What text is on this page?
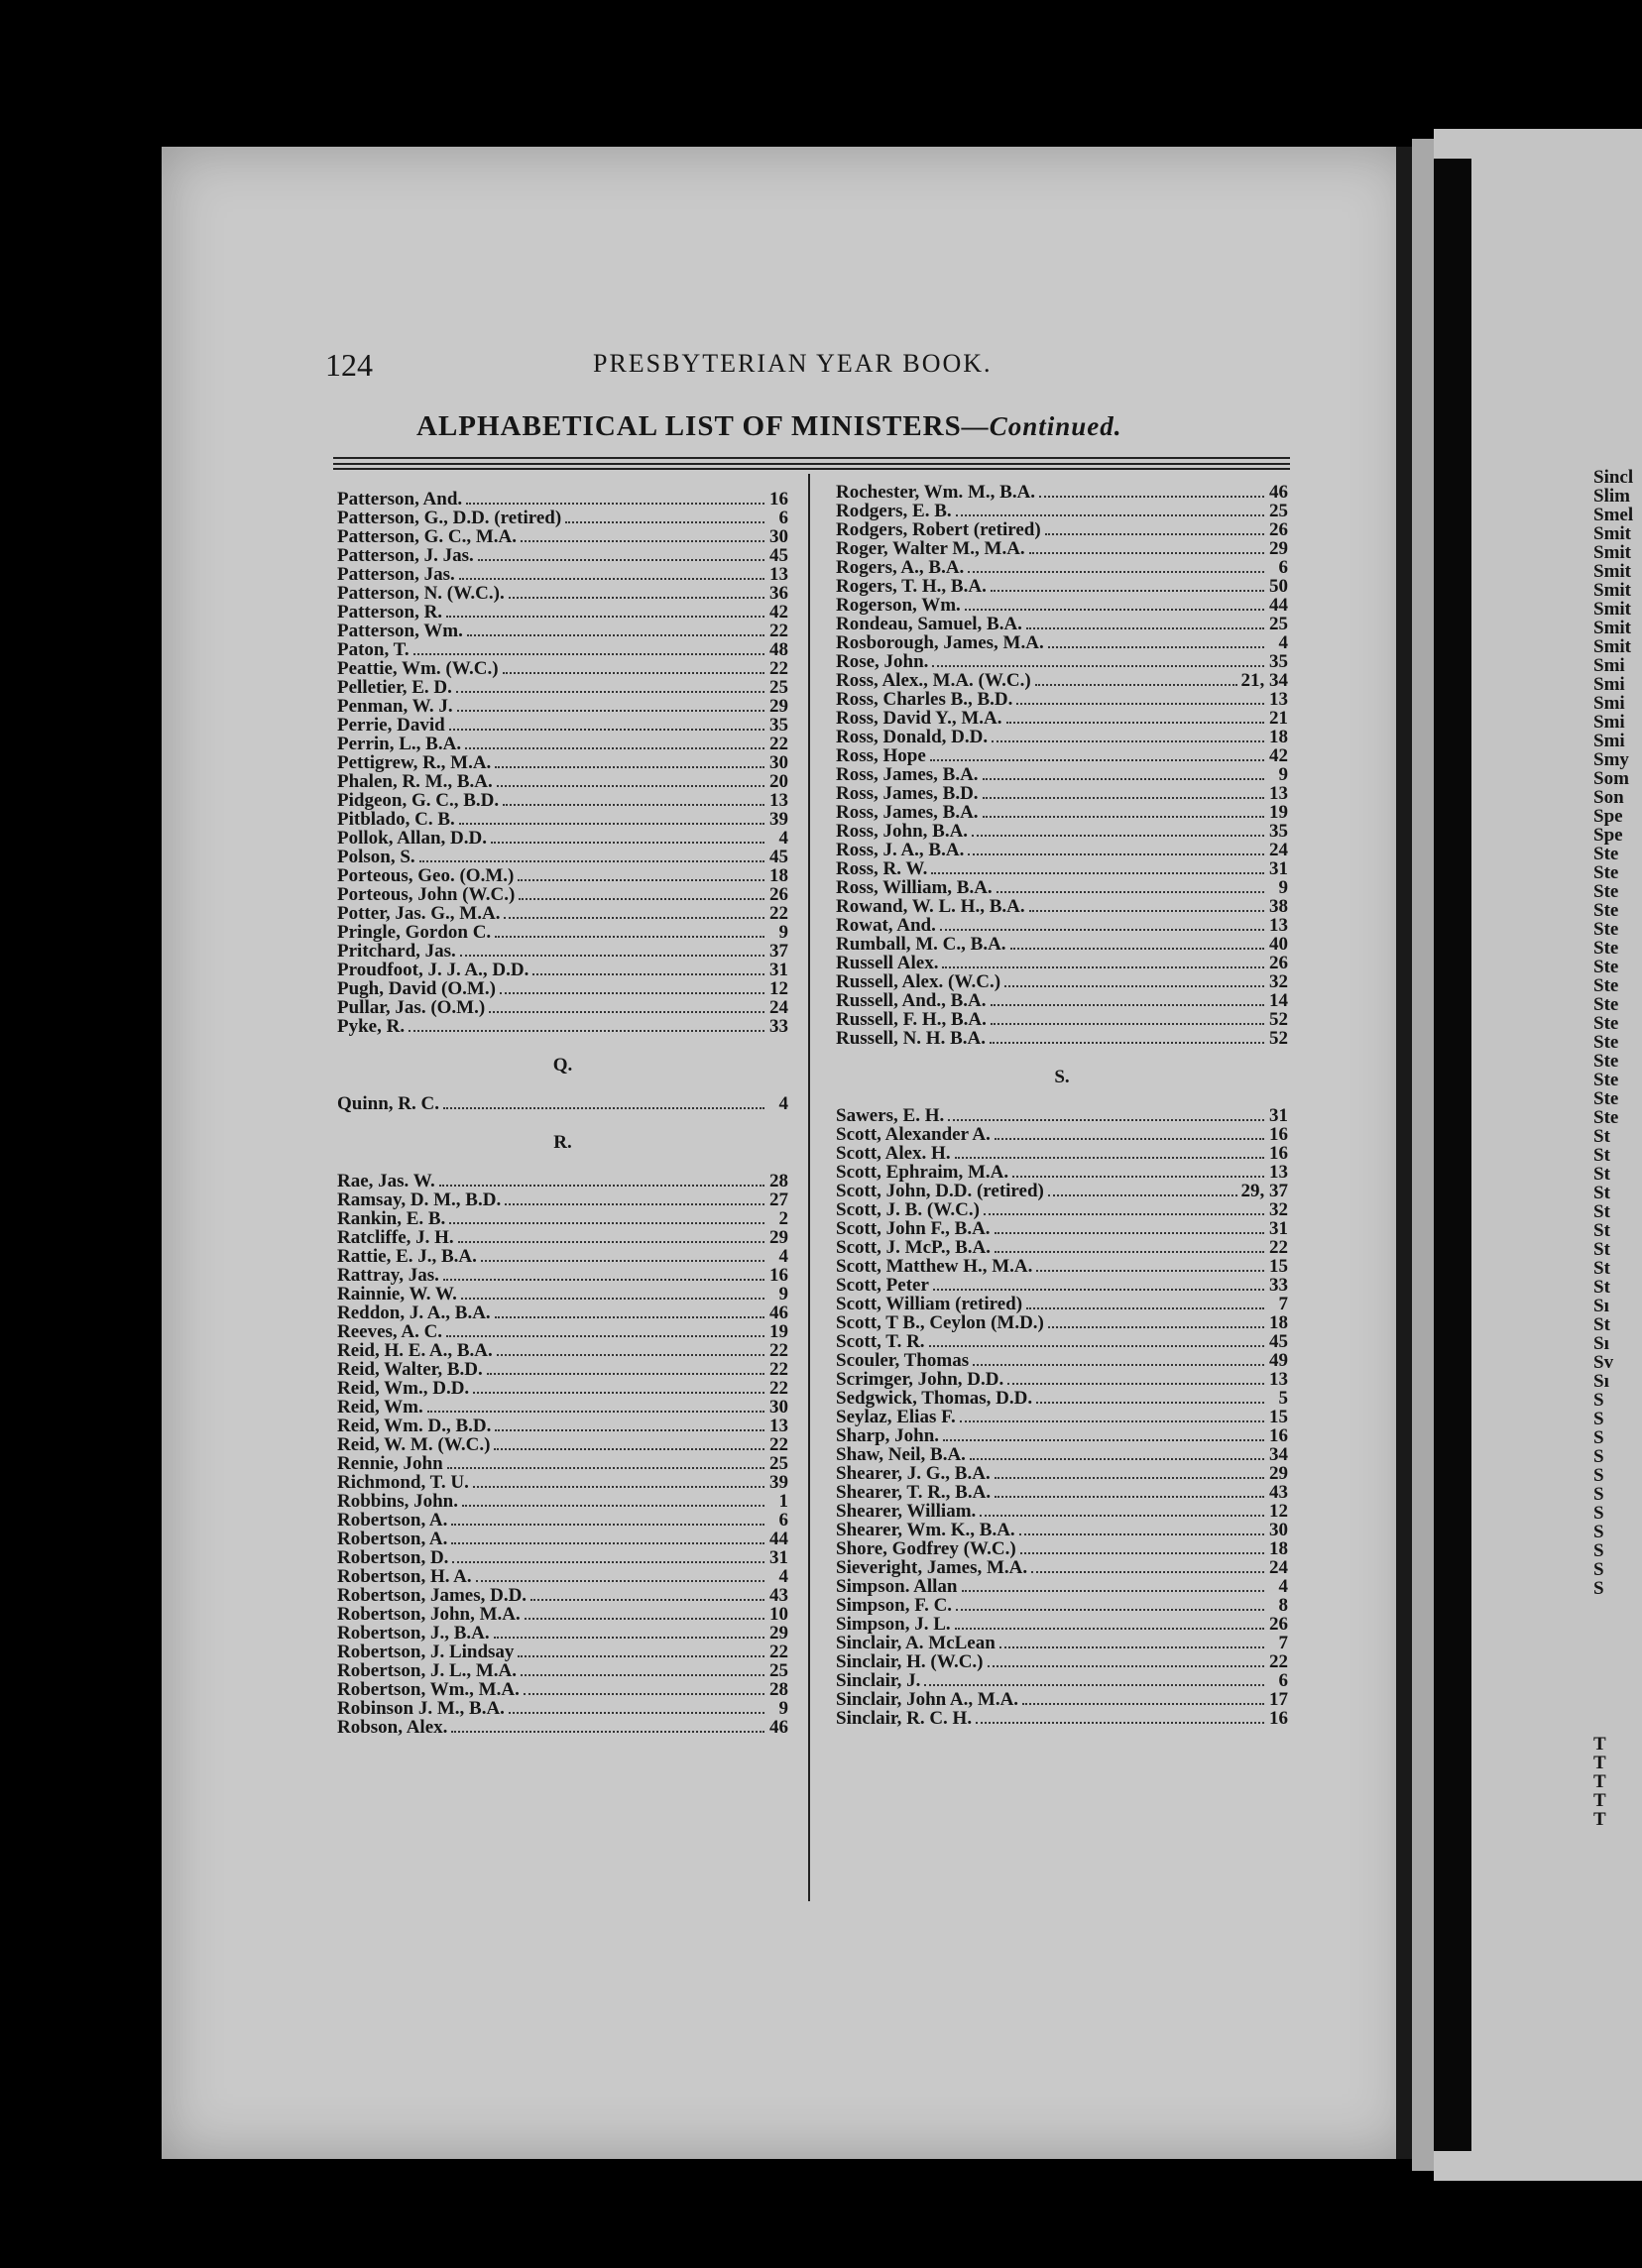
124	PRESBYTERIAN YEAR BOOK.
ALPHABETICAL LIST OF MINISTERS—Continued.
Patterson, And.	16
Patterson, G., D.D. (retired)	6
Patterson, G. C., M.A.	30
Patterson, J. Jas.	45
Patterson, Jas.	13
Patterson, N. (W.C.).	36
Patterson, R.	42
Patterson, Wm.	22
Paton, T.	48
Peattie, Wm. (W.C.)	22
Pelletier, E. D.	25
Penman, W. J.	29
Perrie, David	35
Perrin, L., B.A.	22
Pettigrew, R., M.A.	30
Phalen, R. M., B.A.	20
Pidgeon, G. C., B.D.	13
Pitblado, C. B.	39
Pollok, Allan, D.D.	4
Polson, S.	45
Porteous, Geo. (O.M.)	18
Porteous, John (W.C.)	26
Potter, Jas. G., M.A.	22
Pringle, Gordon C.	9
Pritchard, Jas.	37
Proudfoot, J. J. A., D.D.	31
Pugh, David (O.M.)	12
Pullar, Jas. (O.M.)	24
Pyke, R.	33
Q.
Quinn, R. C.	4
R.
Rae, Jas. W.	28
Ramsay, D. M., B.D.	27
Rankin, E. B.	2
Ratcliffe, J. H.	29
Rattie, E. J., B.A.	4
Rattray, Jas.	16
Rainnie, W. W.	9
Reddon, J. A., B.A.	46
Reeves, A. C.	19
Reid, H. E. A., B.A.	22
Reid, Walter, B.D.	22
Reid, Wm., D.D.	22
Reid, Wm.	30
Reid, Wm. D., B.D.	13
Reid, W. M. (W.C.)	22
Rennie, John	25
Richmond, T. U.	39
Robbins, John.	1
Robertson, A.	6
Robertson, A.	44
Robertson, D.	31
Robertson, H. A.	4
Robertson, James, D.D.	43
Robertson, John, M.A.	10
Robertson, J., B.A.	29
Robertson, J. Lindsay	22
Robertson, J. L., M.A.	25
Robertson, Wm., M.A.	28
Robinson J. M., B.A.	9
Robson, Alex.	46
Rochester, Wm. M., B.A.	46
Rodgers, E. B.	25
Rodgers, Robert (retired)	26
Roger, Walter M., M.A.	29
Rogers, A., B.A.	6
Rogers, T. H., B.A.	50
Rogerson, Wm.	44
Rondeau, Samuel, B.A.	25
Rosborough, James, M.A.	4
Rose, John.	35
Ross, Alex., M.A. (W.C.)	21, 34
Ross, Charles B., B.D.	13
Ross, David Y., M.A.	21
Ross, Donald, D.D.	18
Ross, Hope	42
Ross, James, B.A.	9
Ross, James, B.D.	13
Ross, James, B.A.	19
Ross, John, B.A.	35
Ross, J. A., B.A.	24
Ross, R. W.	31
Ross, William, B.A.	9
Rowand, W. L. H., B.A.	38
Rowat, And.	13
Rumball, M. C., B.A.	40
Russell Alex.	26
Russell, Alex. (W.C.)	32
Russell, And., B.A.	14
Russell, F. H., B.A.	52
Russell, N. H. B.A.	52
S.
Sawers, E. H.	31
Scott, Alexander A.	16
Scott, Alex. H.	16
Scott, Ephraim, M.A.	13
Scott, John, D.D. (retired)	29, 37
Scott, J. B. (W.C.)	32
Scott, John F., B.A.	31
Scott, J. McP., B.A.	22
Scott, Matthew H., M.A.	15
Scott, Peter	33
Scott, William (retired)	7
Scott, T B., Ceylon (M.D.)	18
Scott, T. R.	45
Scouler, Thomas	49
Scrimger, John, D.D.	13
Sedgwick, Thomas, D.D.	5
Seylaz, Elias F.	15
Sharp, John.	16
Shaw, Neil, B.A.	34
Shearer, J. G., B.A.	29
Shearer, T. R., B.A.	43
Shearer, William.	12
Shearer, Wm. K., B.A.	30
Shore, Godfrey (W.C.)	18
Sieveright, James, M.A.	24
Simpson. Allan	4
Simpson, F. C.	8
Simpson, J. L.	26
Sinclair, A. McLean	7
Sinclair, H. (W.C.)	22
Sinclair, J.	6
Sinclair, John A., M.A.	17
Sinclair, R. C. H.	16
Sincl
Slim
Smel
Smit
Smit
Smit
Smit
Smit
Smit
Smit
Smi
Smi
Smi
Smi
Smi
Smy
Som
Son
Spe
Spe
Ste
Ste
Ste
Ste
Ste
Ste
Ste
Ste
Ste
Ste
Ste
Ste
Ste
Ste
Ste
St
St
St
St
St
St
St
St
St
Sı
St
Sı
Sv
Sı
S
S
S
S
S
S
S
S
S
S
S
T
T
T
T
T
